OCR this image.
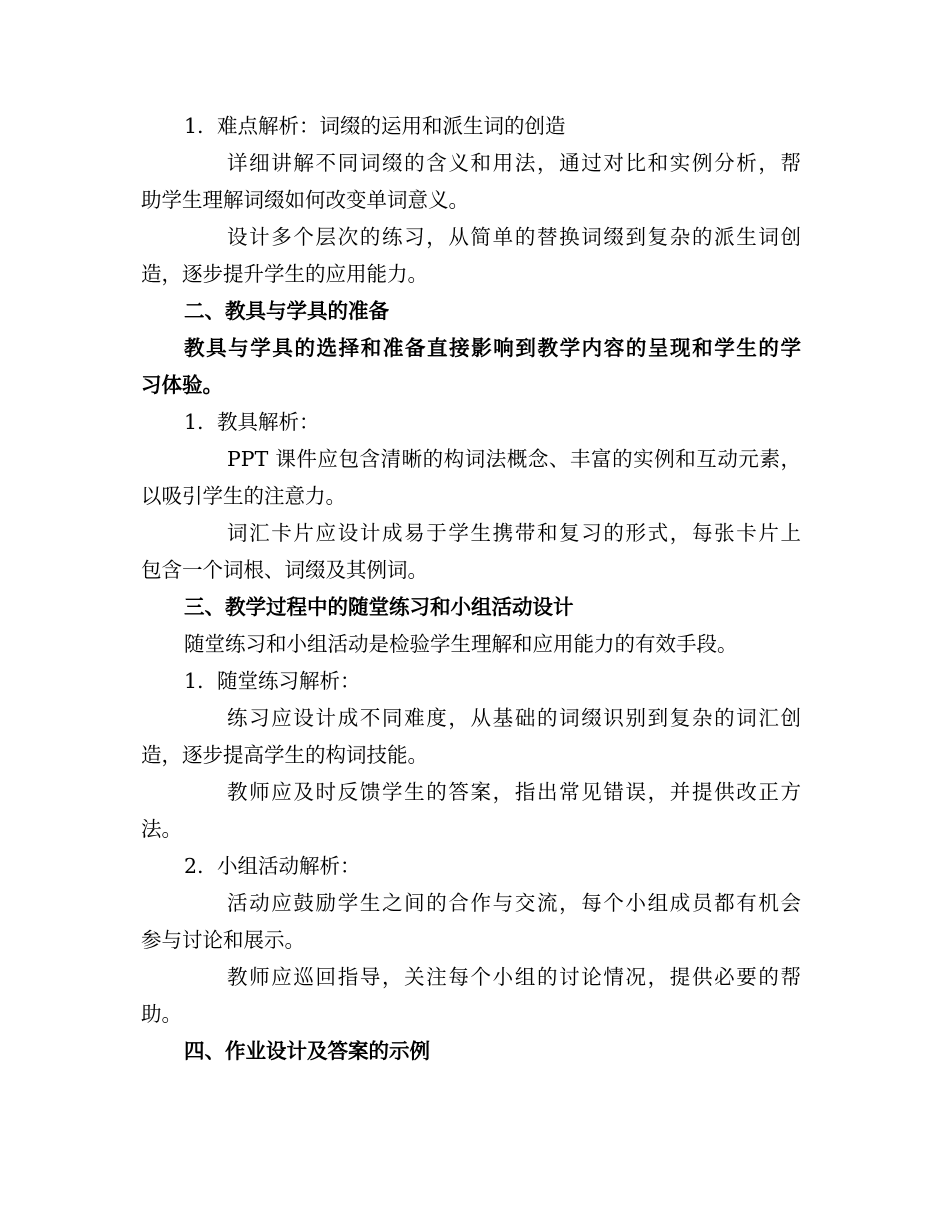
1. 难点解析：词缀的运用和派生词的创造
详细讲解不同词缀的含义和用法，通过对比和实例分析，帮
助学生理解词缀如何改变单词意义。
设计多个层次的练习，从简单的替换词缀到复杂的派生词创
造，逐步提升学生的应用能力。
二、教具与学具的准备
教具与学具的选择和准备直接影响到教学内容的呈现和学生的学
习体验。
1. 教具解析：
PPT 课件应包含清晰的构词法概念、丰富的实例和互动元素，
以吸引学生的注意力。
词汇卡片应设计成易于学生携带和复习的形式，每张卡片上
包含一个词根、词缀及其例词。
三、教学过程中的随堂练习和小组活动设计
随堂练习和小组活动是检验学生理解和应用能力的有效手段。
1. 随堂练习解析：
练习应设计成不同难度，从基础的词缀识别到复杂的词汇创
造，逐步提高学生的构词技能。
教师应及时反馈学生的答案，指出常见错误，并提供改正方
法。
2. 小组活动解析：
活动应鼓励学生之间的合作与交流，每个小组成员都有机会
参与讨论和展示。
教师应巡回指导，关注每个小组的讨论情况，提供必要的帮
助。
四、作业设计及答案的示例
